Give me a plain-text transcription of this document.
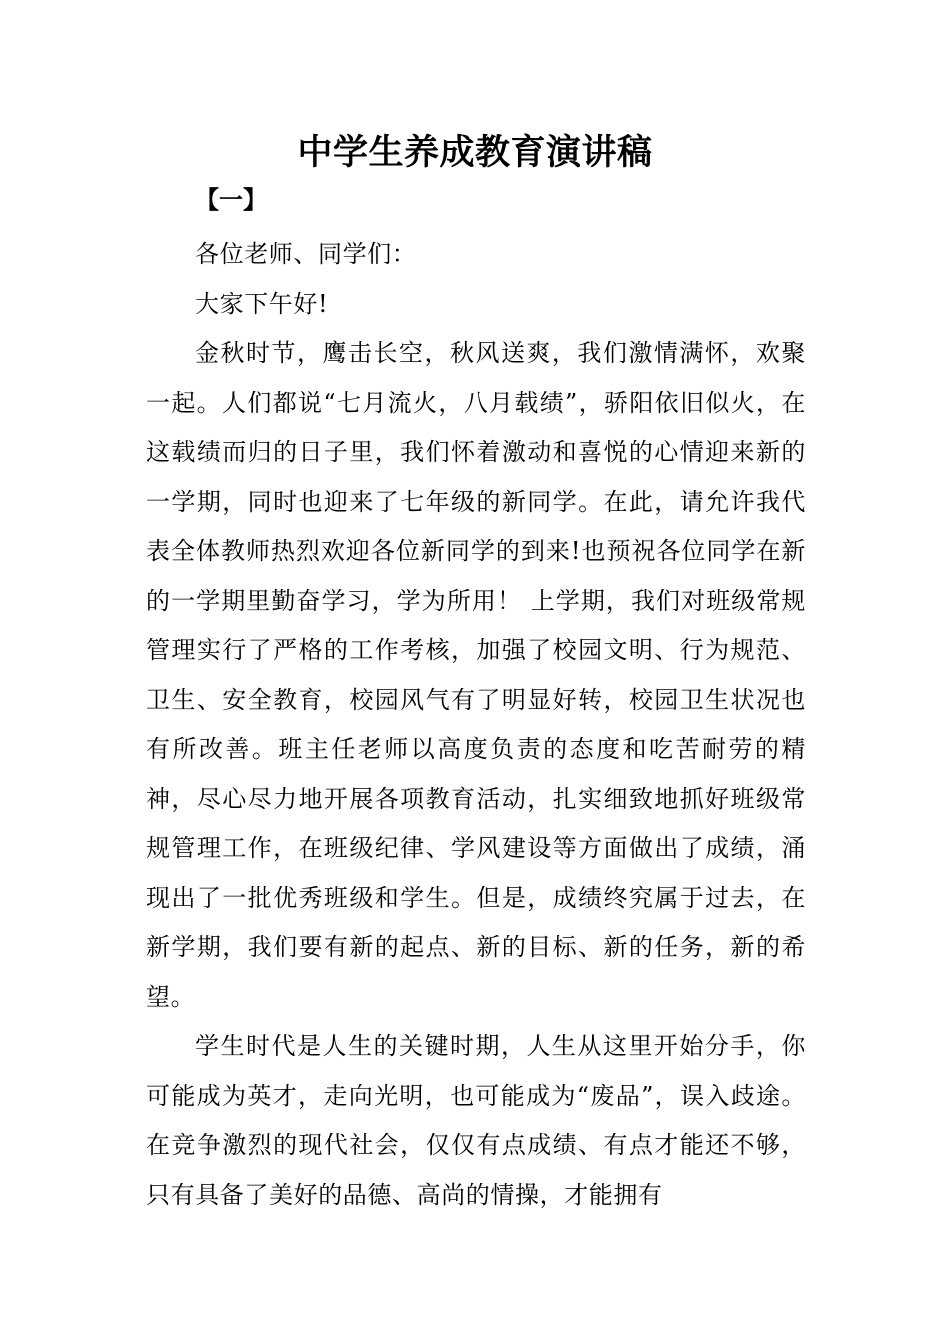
中学生养成教育演讲稿
【一】

各位老师、同学们：

大家下午好!

金秋时节，鹰击长空，秋风送爽，我们激情满怀，欢聚一起。人们都说“七月流火，八月载绩”，骄阳依旧似火，在这载绩而归的日子里，我们怀着激动和喜悦的心情迎来新的一学期，同时也迎来了七年级的新同学。在此，请允许我代表全体教师热烈欢迎各位新同学的到来!也预祝各位同学在新的一学期里勤奋学习，学为所用！ 上学期，我们对班级常规管理实行了严格的工作考核，加强了校园文明、行为规范、卫生、安全教育，校园风气有了明显好转，校园卫生状况也有所改善。班主任老师以高度负责的态度和吃苦耐劳的精神，尽心尽力地开展各项教育活动，扎实细致地抓好班级常规管理工作，在班级纪律、学风建设等方面做出了成绩，涌现出了一批优秀班级和学生。但是，成绩终究属于过去，在新学期，我们要有新的起点、新的目标、新的任务，新的希望。

学生时代是人生的关键时期，人生从这里开始分手，你可能成为英才，走向光明，也可能成为“废品”，误入歧途。在竞争激烈的现代社会，仅仅有点成绩、有点才能还不够，只有具备了美好的品德、高尚的情操，才能拥有
